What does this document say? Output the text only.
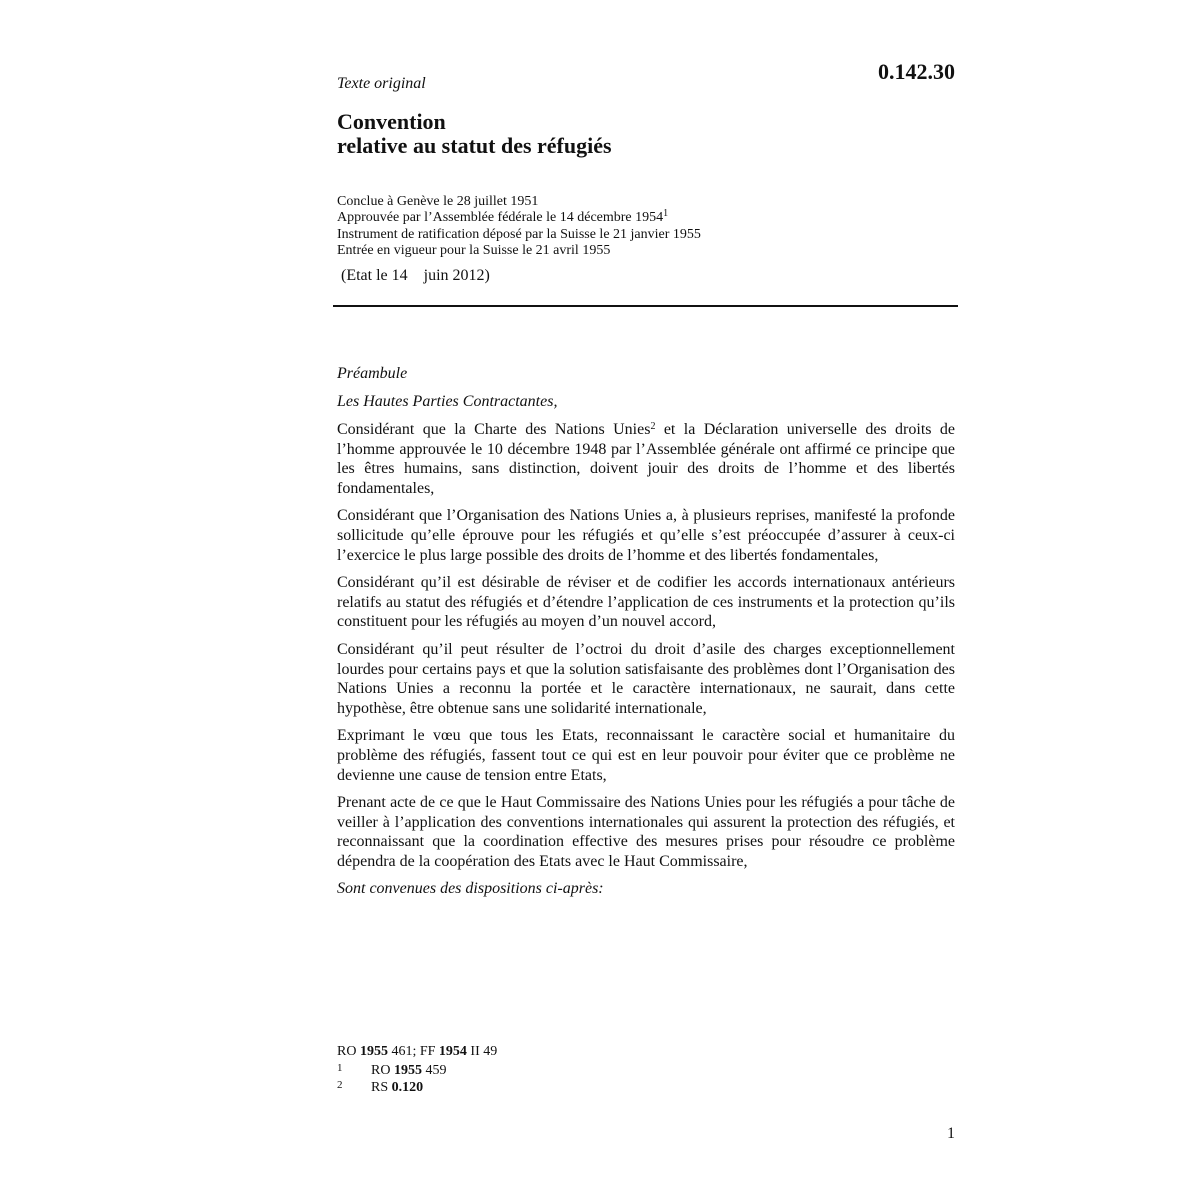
0.142.30

Texte original

Convention
relative au statut des réfugiés
Conclue à Genève le 28 juillet 1951
Approuvée par l’Assemblée fédérale le 14 décembre 1954$^1$
Instrument de ratification déposé par la Suisse le 21 janvier 1955
Entrée en vigueur pour la Suisse le 21 avril 1955

(Etat le 14    juin 2012)

Préambule

Les Hautes Parties Contractantes,

Considérant que la Charte des Nations Unies$^2$ et la Déclaration universelle des droits de l’homme approuvée le 10 décembre 1948 par l’Assemblée générale ont affirmé ce principe que les êtres humains, sans distinction, doivent jouir des droits de l’homme et des libertés fondamentales,

Considérant que l’Organisation des Nations Unies a, à plusieurs reprises, manifesté la profonde sollicitude qu’elle éprouve pour les réfugiés et qu’elle s’est préoccupée d’assurer à ceux-ci l’exercice le plus large possible des droits de l’homme et des libertés fondamentales,

Considérant qu’il est désirable de réviser et de codifier les accords internationaux antérieurs relatifs au statut des réfugiés et d’étendre l’application de ces instruments et la protection qu’ils constituent pour les réfugiés au moyen d’un nouvel accord,

Considérant qu’il peut résulter de l’octroi du droit d’asile des charges exceptionnellement lourdes pour certains pays et que la solution satisfaisante des problèmes dont l’Organisation des Nations Unies a reconnu la portée et le caractère internationaux, ne saurait, dans cette hypothèse, être obtenue sans une solidarité internationale,

Exprimant le vœu que tous les Etats, reconnaissant le caractère social et humanitaire du problème des réfugiés, fassent tout ce qui est en leur pouvoir pour éviter que ce problème ne devienne une cause de tension entre Etats,

Prenant acte de ce que le Haut Commissaire des Nations Unies pour les réfugiés a pour tâche de veiller à l’application des conventions internationales qui assurent la protection des réfugiés, et reconnaissant que la coordination effective des mesures prises pour résoudre ce problème dépendra de la coopération des Etats avec le Haut Commissaire,

Sont convenues des dispositions ci-après:

RO 1955 461; FF 1954 II 49

1	RO 1955 459
2	RS 0.120

1
